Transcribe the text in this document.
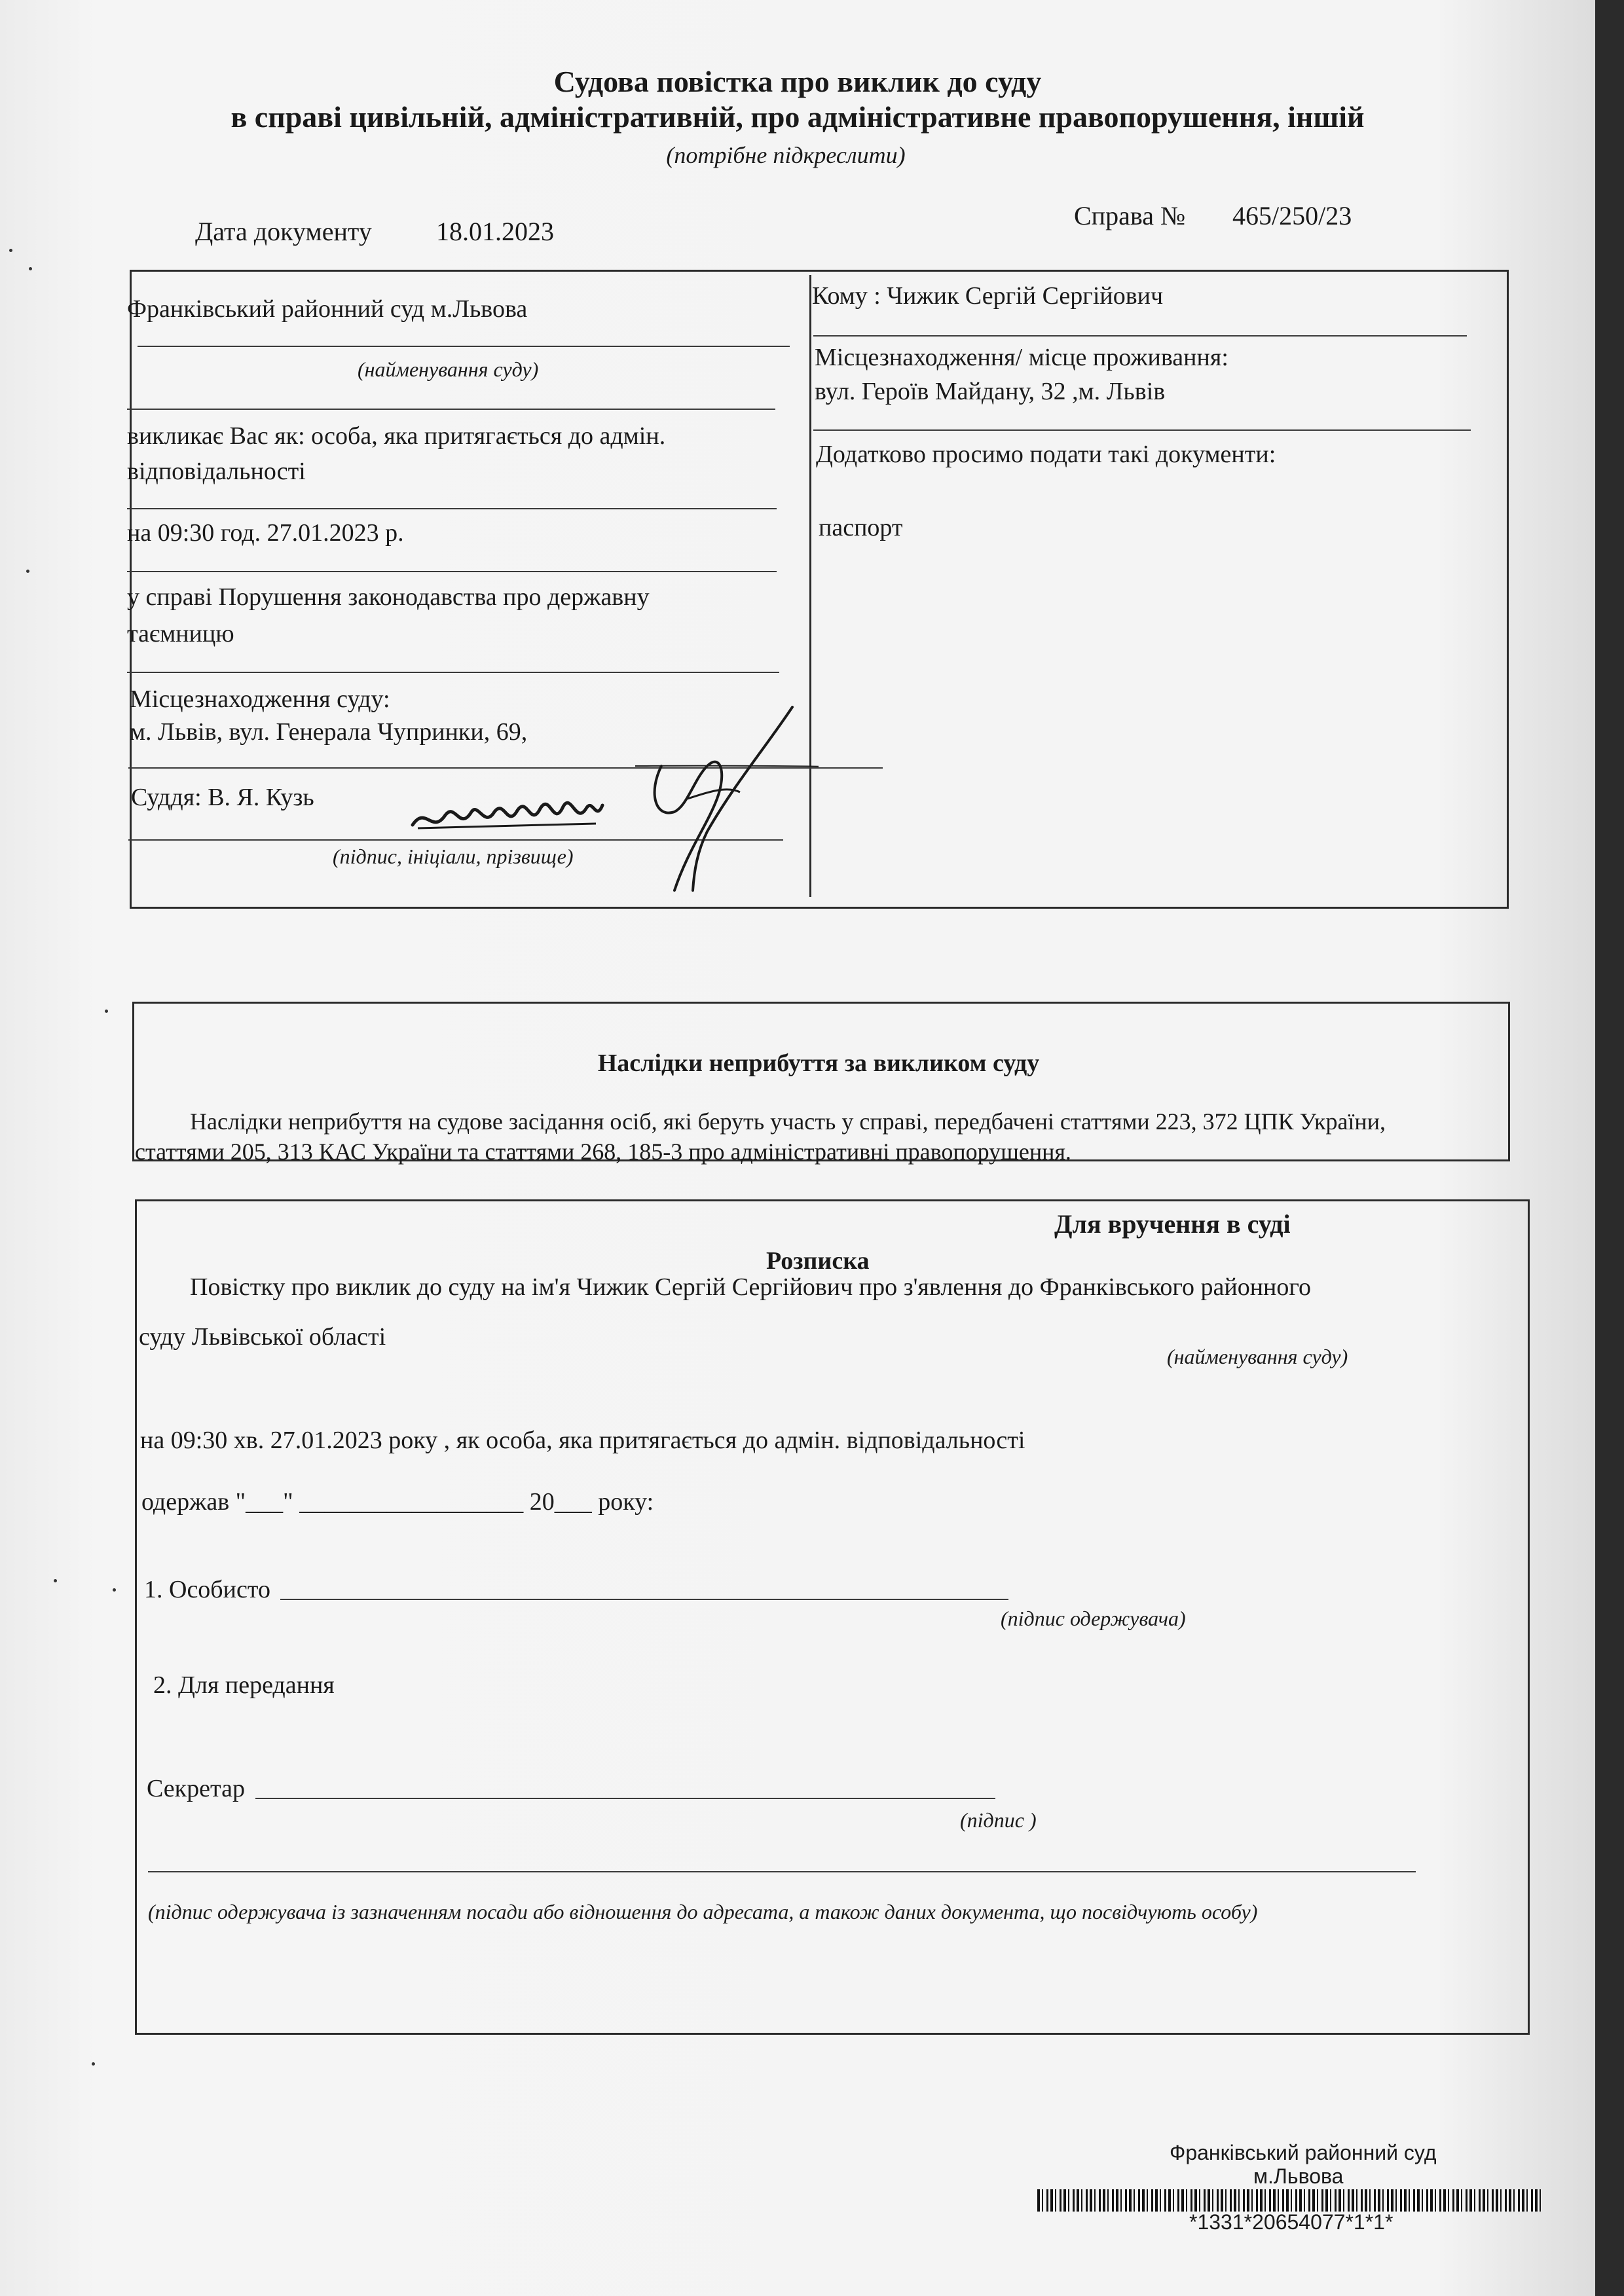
Судова повістка про виклик до суду
в справі цивільній, адміністративній, про адміністративне правопорушення, іншій
(потрібне підкреслити)
Дата документу 18.01.2023
Справа № 465/250/23
Франківський районний суд м.Львова
(найменування суду)
викликає Вас як: особа, яка притягається до адмін.
відповідальності
на 09:30 год. 27.01.2023 р.
у справі Порушення законодавства про державну
таємницю
Місцезнаходження суду:
м. Львів, вул. Генерала Чупринки, 69,
Суддя: В. Я. Кузь
(підпис, ініціали, прізвище)
Кому : Чижик Сергій Сергійович
Місцезнаходження/ місце проживання:
вул. Героїв Майдану, 32 ,м. Львів
Додатково просимо подати такі документи:
паспорт
Наслідки неприбуття за викликом суду
Наслідки неприбуття на судове засідання осіб, які беруть участь у справі, передбачені статтями 223, 372 ЦПК України,
статтями 205, 313 КАС України та статтями 268, 185-3 про адміністративні правопорушення.
Для вручення в суді
Розписка
Повістку про виклик до суду на ім'я Чижик Сергій Сергійович про з'явлення до Франківського районного
суду Львівської області
(найменування суду)
на 09:30 хв. 27.01.2023 року , як особа, яка притягається до адмін. відповідальності
одержав "___" __________________ 20___ року:
1. Особисто
(підпис одержувача)
2. Для передання
Секретар
(підпис )
(підпис одержувача із зазначенням посади або відношення до адресата, а також даних документа, що посвідчують особу)
Франківський районний суд
м.Львова
*1331*20654077*1*1*
